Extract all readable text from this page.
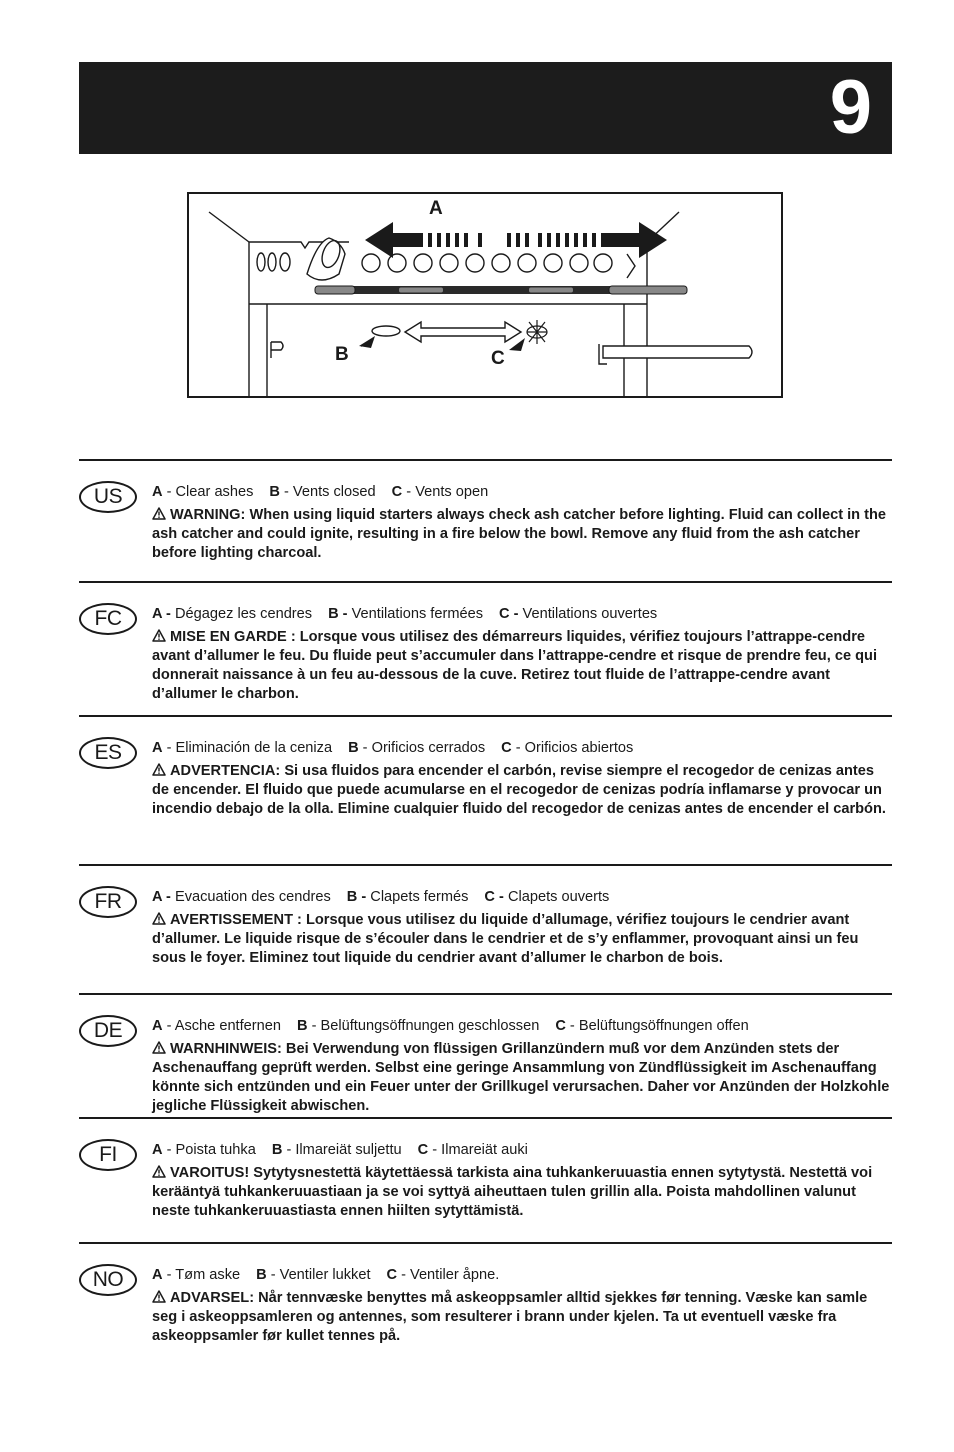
9
A
B	C
US	A - Clear ashes B - Vents closed C - Vents open

WARNING: When using liquid starters always check ash catcher before lighting. Fluid can collect in the ash catcher and could ignite, resulting in a fire below the bowl. Remove any fluid from the ash catcher before lighting charcoal.

FC	A - Dégagez les cendres B - Ventilations fermées C - Ventilations ouvertes

MISE EN GARDE : Lorsque vous utilisez des démarreurs liquides, vérifiez toujours l’attrappe-cendre avant d’allumer le feu. Du fluide peut s’accumuler dans l’attrappe-cendre et risque de prendre feu, ce qui donnerait naissance à un feu au-dessous de la cuve. Retirez tout fluide de l’attrappe-cendre avant d’allumer le charbon.

ES	A - Eliminación de la ceniza B - Orificios cerrados C - Orificios abiertos

ADVERTENCIA: Si usa fluidos para encender el carbón, revise siempre el recogedor de cenizas antes de encender. El fluido que puede acumularse en el recogedor de cenizas podría inflamarse y provocar un incendio debajo de la olla. Elimine cualquier fluido del recogedor de cenizas antes de encender el carbón.

FR	A - Evacuation des cendres B - Clapets fermés C - Clapets ouverts

AVERTISSEMENT : Lorsque vous utilisez du liquide d’allumage, vérifiez toujours le cendrier avant d’allumer. Le liquide risque de s’écouler dans le cendrier et de s’y enflammer, provoquant ainsi un feu sous le foyer. Eliminez tout liquide du cendrier avant d’allumer le charbon de bois.

DE	A - Asche entfernen B - Belüftungsöffnungen geschlossen C - Belüftungsöffnungen offen

WARNHINWEIS: Bei Verwendung von flüssigen Grillanzündern muß vor dem Anzünden stets der Aschenauffang geprüft werden. Selbst eine geringe Ansammlung von Zündflüssigkeit im Aschenauffang könnte sich entzünden und ein Feuer unter der Grillkugel verursachen. Daher vor Anzünden der Holzkohle jegliche Flüssigkeit abwischen.

FI	A - Poista tuhka B - Ilmareiät suljettu C - Ilmareiät auki

VAROITUS! Sytytysnestettä käytettäessä tarkista aina tuhkankeruuastia ennen sytytystä. Nestettä voi kerääntyä tuhkankeruuastiaan ja se voi syttyä aiheuttaen tulen grillin alla. Poista mahdollinen valunut neste tuhkankeruuastiasta ennen hiilten sytyttämistä.

NO	A - Tøm aske B - Ventiler lukket C - Ventiler åpne.

ADVARSEL: Når tennvæske benyttes må askeoppsamler alltid sjekkes før tenning. Væske kan samle seg i askeoppsamleren og antennes, som resulterer i brann under kjelen. Ta ut eventuell væske fra askeoppsamler før kullet tennes på.
